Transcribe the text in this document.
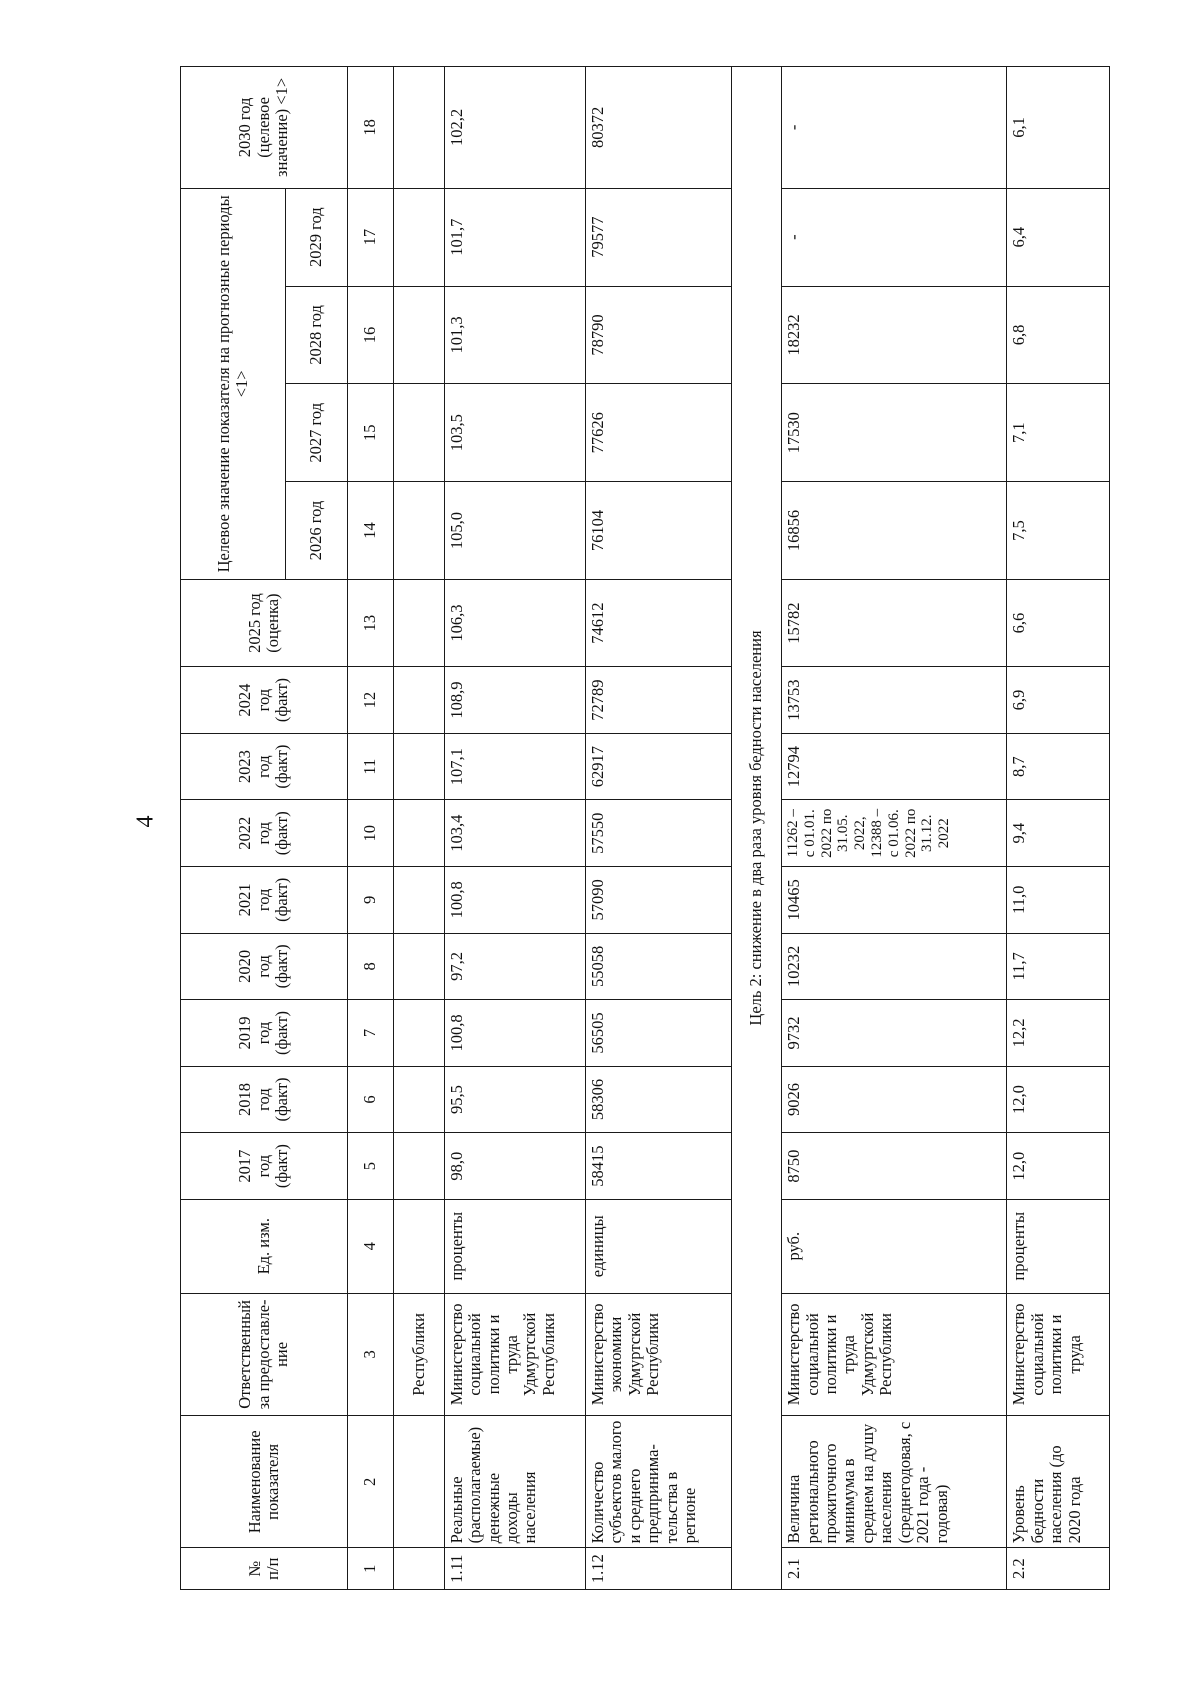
4
№ п/п	Наименование показателя	Ответственный за предоставле-ние	Ед. изм.	2017 год (факт)	2018 год (факт)	2019 год (факт)	2020 год (факт)	2021 год (факт)	2022 год (факт)	2023 год (факт)	2024 год (факт)	2025 год (оценка)	Целевое значение показателя на прогнозные периоды <1>				2030 год (целевое значение) <1>
													2026 год	2027 год	2028 год	2029 год	
1	2	3	4	5	6	7	8	9	10	11	12	13	14	15	16	17	18
		Республики															
1.11	Реальные (располагаемые) денежные доходы населения	Министерство социальной политики и труда Удмуртской Республики	проценты	98,0	95,5	100,8	97,2	100,8	103,4	107,1	108,9	106,3	105,0	103,5	101,3	101,7	102,2
1.12	Количество субъектов малого и среднего предпринима-тельства в регионе	Министерство экономики Удмуртской Республики	единицы	58415	58306	56505	55058	57090	57550	62917	72789	74612	76104	77626	78790	79577	80372
Цель 2: снижение в два раза уровня бедности населения																	
2.1	Величина регионального прожиточного минимума в среднем на душу населения (среднегодовая, с 2021 года - годовая)	Министерство социальной политики и труда Удмуртской Республики	руб.	8750	9026	9732	10232	10465	11262 – с 01.01. 2022 по 31.05. 2022, 12388 – с 01.06. 2022 по 31.12. 2022	12794	13753	15782	16856	17530	18232	-	-
2.2	Уровень бедности населения (до 2020 года	Министерство социальной политики и труда	проценты	12,0	12,0	12,2	11,7	11,0	9,4	8,7	6,9	6,6	7,5	7,1	6,8	6,4	6,1
